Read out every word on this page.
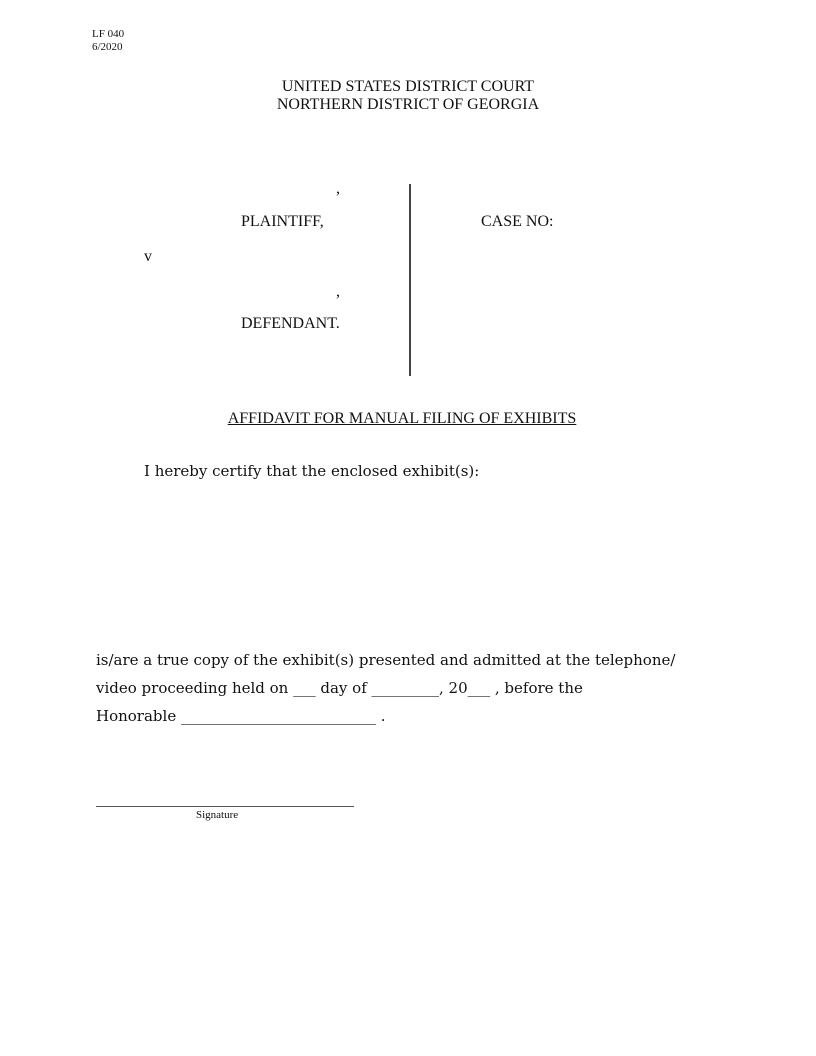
LF 040
6/2020
UNITED STATES DISTRICT COURT
NORTHERN DISTRICT OF GEORGIA
,
PLAINTIFF,
v
,
DEFENDANT.
CASE NO:
AFFIDAVIT FOR MANUAL FILING OF EXHIBITS
I hereby certify that the enclosed exhibit(s):
is/are a true copy of the exhibit(s) presented and admitted at the telephone/
video proceeding held on ___ day of _________, 20___ , before the
Honorable __________________________ .
Signature
